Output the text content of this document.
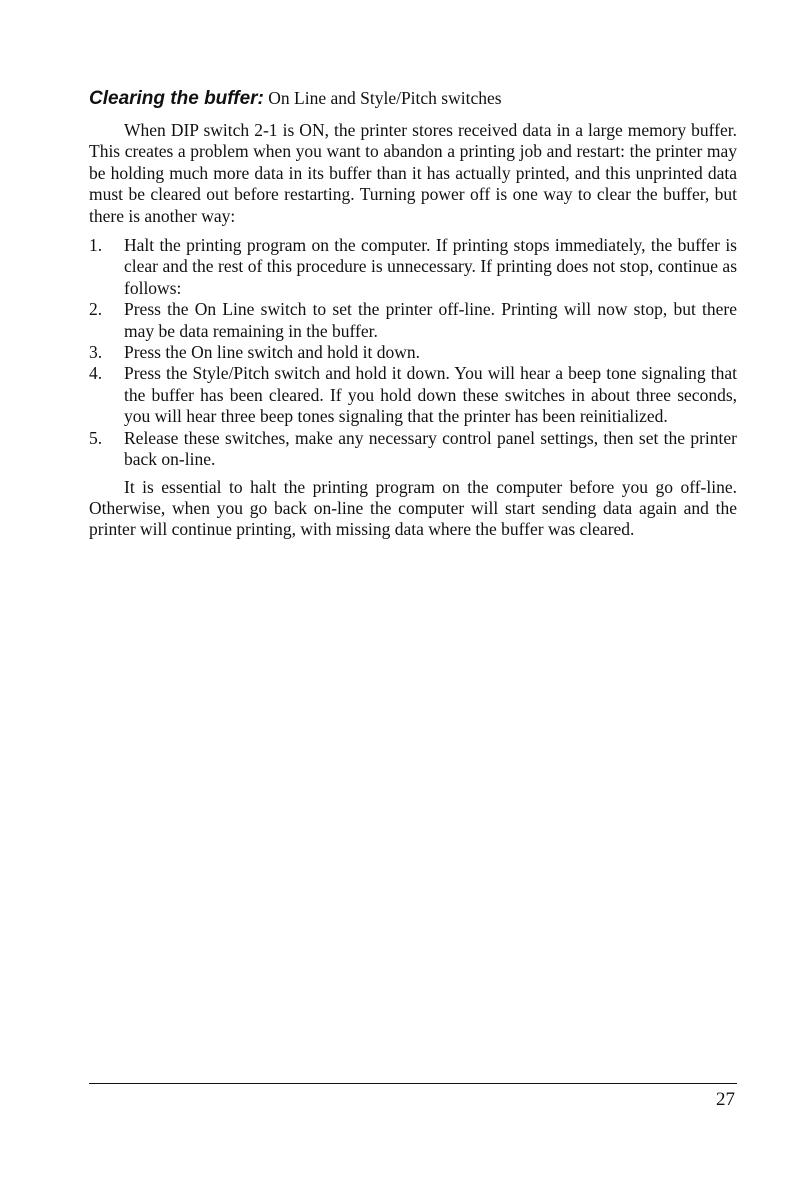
Clearing the buffer: On Line and Style/Pitch switches

When DIP switch 2-1 is ON, the printer stores received data in a large memory buffer. This creates a problem when you want to abandon a printing job and restart: the printer may be holding much more data in its buffer than it has actually printed, and this unprinted data must be cleared out before restarting. Turning power off is one way to clear the buffer, but there is another way:

1. Halt the printing program on the computer. If printing stops immediately, the buffer is clear and the rest of this procedure is unnecessary. If printing does not stop, continue as follows:
2. Press the On Line switch to set the printer off-line. Printing will now stop, but there may be data remaining in the buffer.
3. Press the On line switch and hold it down.
4. Press the Style/Pitch switch and hold it down. You will hear a beep tone signaling that the buffer has been cleared. If you hold down these switches in about three seconds, you will hear three beep tones signaling that the printer has been reinitialized.
5. Release these switches, make any necessary control panel settings, then set the printer back on-line.

It is essential to halt the printing program on the computer before you go off-line. Otherwise, when you go back on-line the computer will start sending data again and the printer will continue printing, with missing data where the buffer was cleared.

27
